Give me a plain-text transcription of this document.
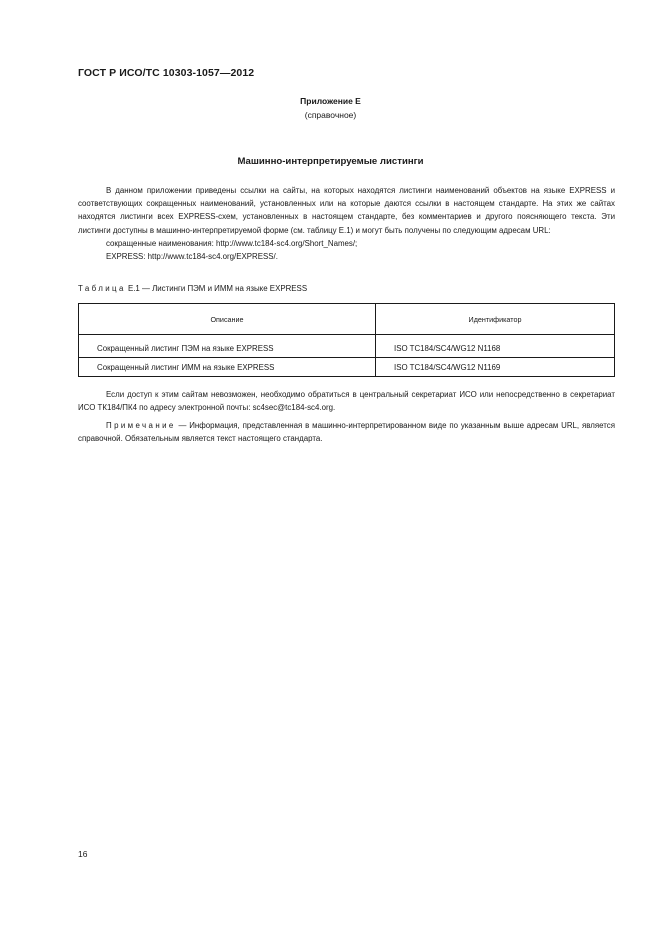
ГОСТ Р ИСО/ТС 10303-1057—2012
Приложение Е
(справочное)
Машинно-интерпретируемые листинги

В данном приложении приведены ссылки на сайты, на которых находятся листинги наименований объектов на языке EXPRESS и соответствующих сокращенных наименований, установленных или на которые даются ссылки в настоящем стандарте. На этих же сайтах находятся листинги всех EXPRESS-схем, установленных в настоящем стандарте, без комментариев и другого поясняющего текста. Эти листинги доступны в машинно-интерпретируемой форме (см. таблицу Е.1) и могут быть получены по следующим адресам URL:

сокращенные наименования: http://www.tc184-sc4.org/Short_Names/;

EXPRESS: http://www.tc184-sc4.org/EXPRESS/.

Таблица Е.1 — Листинги ПЭМ и ИММ на языке EXPRESS
Описание	Идентификатор
Сокращенный листинг ПЭМ на языке EXPRESS	ISO TC184/SC4/WG12 N1168
Сокращенный листинг ИММ на языке EXPRESS	ISO TC184/SC4/WG12 N1169

Если доступ к этим сайтам невозможен, необходимо обратиться в центральный секретариат ИСО или непосредственно в секретариат ИСО ТК184/ПК4 по адресу электронной почты: sc4sec@tc184-sc4.org.

Примечание — Информация, представленная в машинно-интерпретированном виде по указанным выше адресам URL, является справочной. Обязательным является текст настоящего стандарта.

16
